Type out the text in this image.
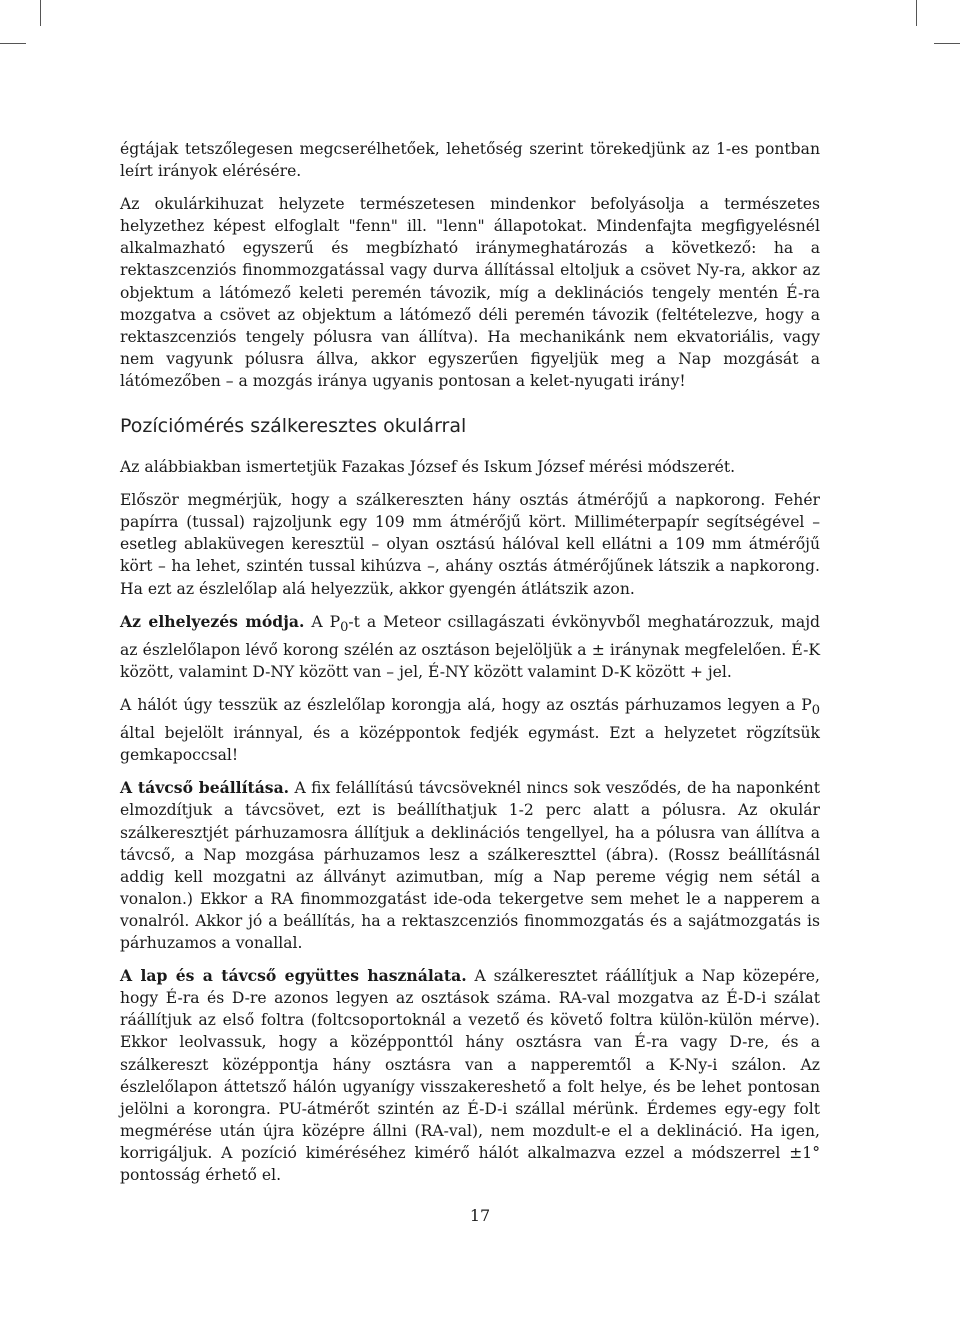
égtájak tetszőlegesen megcserélhetőek, lehetőség szerint törekedjünk az 1-es pontban leírt irányok elérésére.

Az okulárkihuzat helyzete természetesen mindenkor befolyásolja a természetes helyzethez képest elfoglalt "fenn" ill. "lenn" állapotokat. Mindenfajta megfigyelésnél alkalmazható egyszerű és megbízható iránymeghatározás a következő: ha a rektaszcenziós finommozgatással vagy durva állítással eltoljuk a csövet Ny-ra, akkor az objektum a látómező keleti peremén távozik, míg a deklinációs tengely mentén É-ra mozgatva a csövet az objektum a látómező déli peremén távozik (feltételezve, hogy a rektaszcenziós tengely pólusra van állítva). Ha mechanikánk nem ekvatoriális, vagy nem vagyunk pólusra állva, akkor egyszerűen figyeljük meg a Nap mozgását a látómezőben – a mozgás iránya ugyanis pontosan a kelet-nyugati irány!

Pozíciómérés szálkeresztes okulárral

Az alábbiakban ismertetjük Fazakas József és Iskum József mérési módszerét.

Először megmérjük, hogy a szálkereszten hány osztás átmérőjű a napkorong. Fehér papírra (tussal) rajzoljunk egy 109 mm átmérőjű kört. Milliméterpapír segítségével – esetleg ablaküvegen keresztül – olyan osztású hálóval kell ellátni a 109 mm átmérőjű kört – ha lehet, szintén tussal kihúzva –, ahány osztás átmérőjűnek látszik a napkorong. Ha ezt az észlelőlap alá helyezzük, akkor gyengén átlátszik azon.

Az elhelyezés módja. A $P_0-t$ a Meteor csillagászati évkönyvből meghatározzuk, majd az észlelőlapon lévő korong szélén az osztáson bejelöljük a ± iránynak megfelelően. É-K között, valamint D-NY között van – jel, É-NY között valamint D-K között + jel.

A hálót úgy tesszük az észlelőlap korongja alá, hogy az osztás párhuzamos legyen a $P_0$ által bejelölt iránnyal, és a középpontok fedjék egymást. Ezt a helyzetet rögzítsük gemkapoccsal!

A távcső beállítása. A fix felállítású távcsöveknél nincs sok vesződés, de ha naponként elmozdítjuk a távcsövet, ezt is beállíthatjuk 1-2 perc alatt a pólusra. Az okulár szálkeresztjét párhuzamosra állítjuk a deklinációs tengellyel, ha a pólusra van állítva a távcső, a Nap mozgása párhuzamos lesz a szálkereszttel (ábra). (Rossz beállításnál addig kell mozgatni az állványt azimutban, míg a Nap pereme végig nem sétál a vonalon.) Ekkor a RA finommozgatást ide-oda tekergetve sem mehet le a napperem a vonalról. Akkor jó a beállítás, ha a rektaszcenziós finommozgatás és a sajátmozgatás is párhuzamos a vonallal.

A lap és a távcső együttes használata. A szálkeresztet ráállítjuk a Nap közepére, hogy É-ra és D-re azonos legyen az osztások száma. RA-val mozgatva az É-D-i szálat ráállítjuk az első foltra (foltcsoportoknál a vezető és követő foltra külön-külön mérve). Ekkor leolvassuk, hogy a középponttól hány osztásra van É-ra vagy D-re, és a szálkereszt középpontja hány osztásra van a napperemtől a K-Ny-i szálon. Az észlelőlapon áttetsző hálón ugyanígy visszakereshető a folt helye, és be lehet pontosan jelölni a korongra. PU-átmérőt szintén az É-D-i szállal mérünk. Érdemes egy-egy folt megmérése után újra középre állni (RA-val), nem mozdult-e el a deklináció. Ha igen, korrigáljuk. A pozíció kiméréséhez kimérő hálót alkalmazva ezzel a módszerrel ±1° pontosság érhető el.

17
